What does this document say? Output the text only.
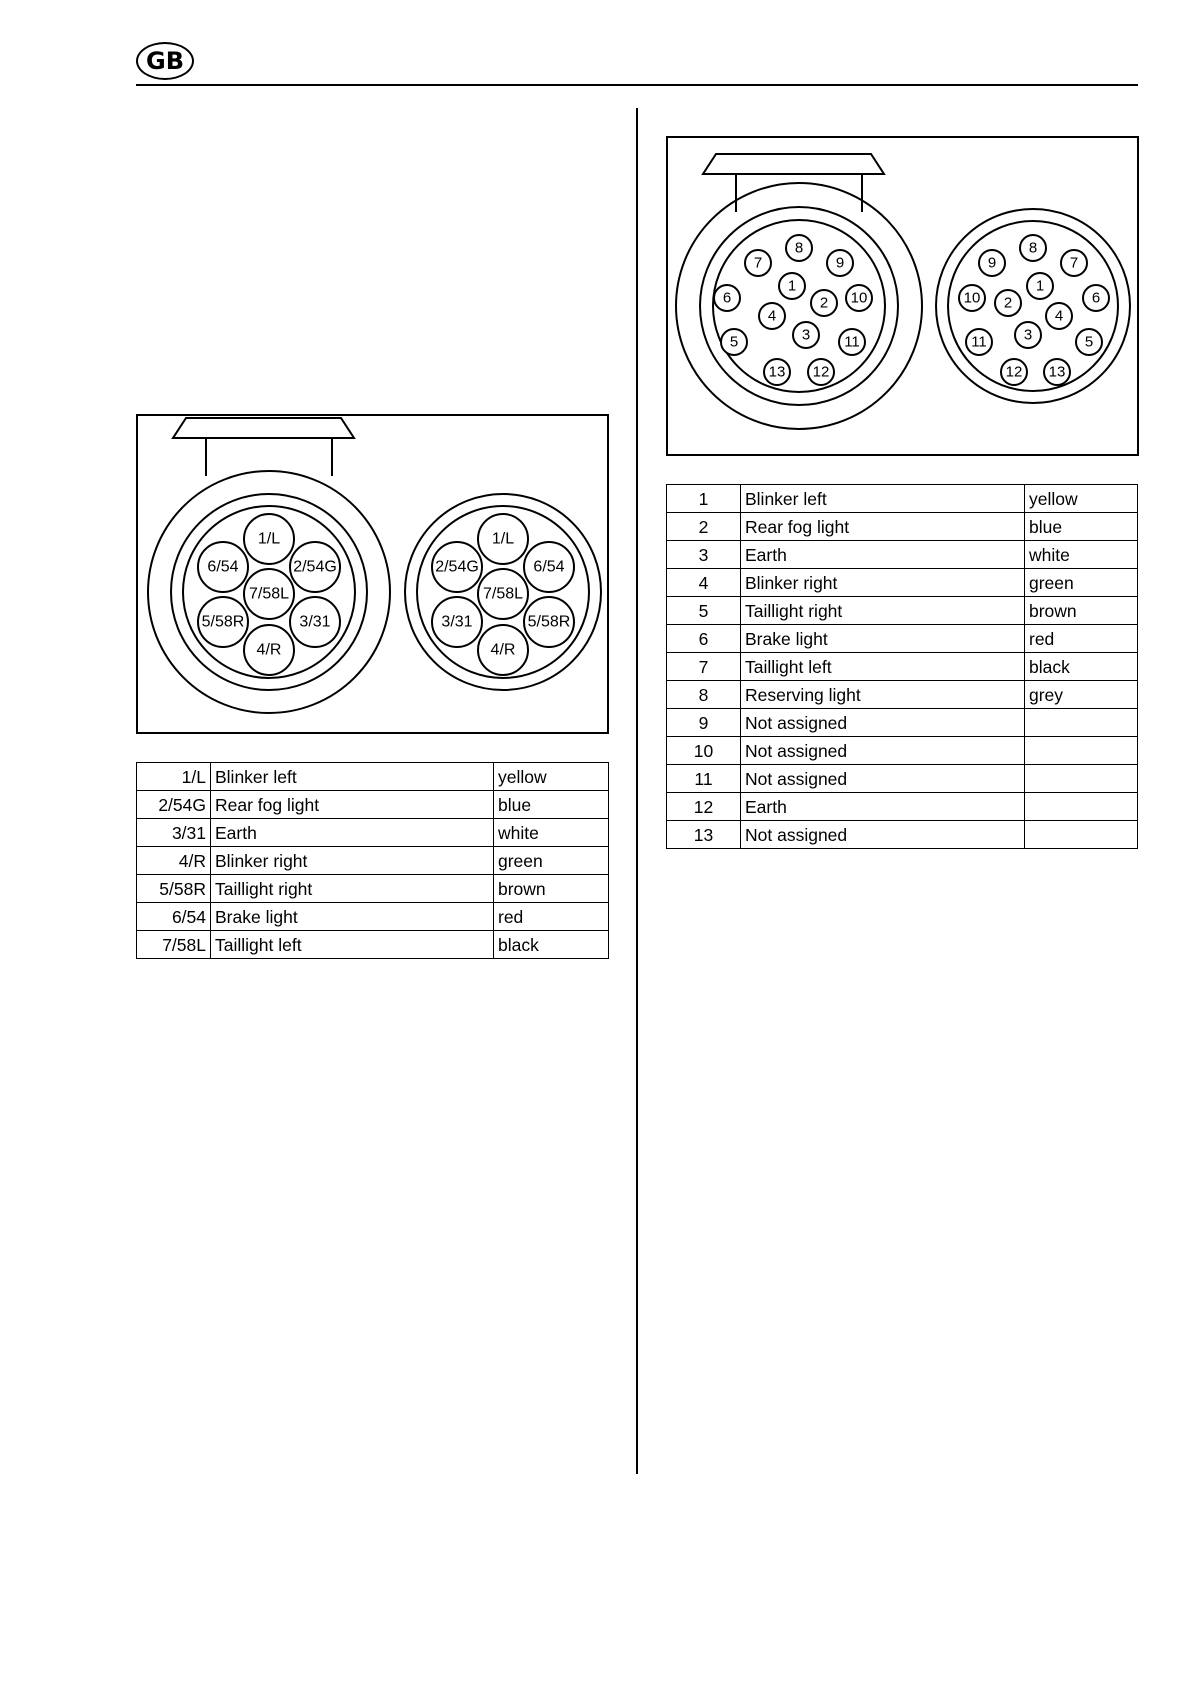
GB
1/L
6/54	2/54G
7/58L
5/58R	3/31
4/R
1/L
2/54G	6/54
7/58L
3/31	5/58R
4/R
1/L	Blinker left	yellow
2/54G	Rear fog light	blue
3/31	Earth	white
4/R	Blinker right	green
5/58R	Taillight right	brown
6/54	Brake light	red
7/58L	Taillight left	black
8
7	9
1
6	2 10
4
3
5	11
13 12
8
9	7
1
10 2	6
4
3
11	5
12 13
1	Blinker left	yellow
2	Rear fog light	blue
3	Earth	white
4	Blinker right	green
5	Taillight right	brown
6	Brake light	red
7	Taillight left	black
8	Reserving light	grey
9	Not assigned	
10	Not assigned	
11	Not assigned	
12	Earth	
13	Not assigned	
